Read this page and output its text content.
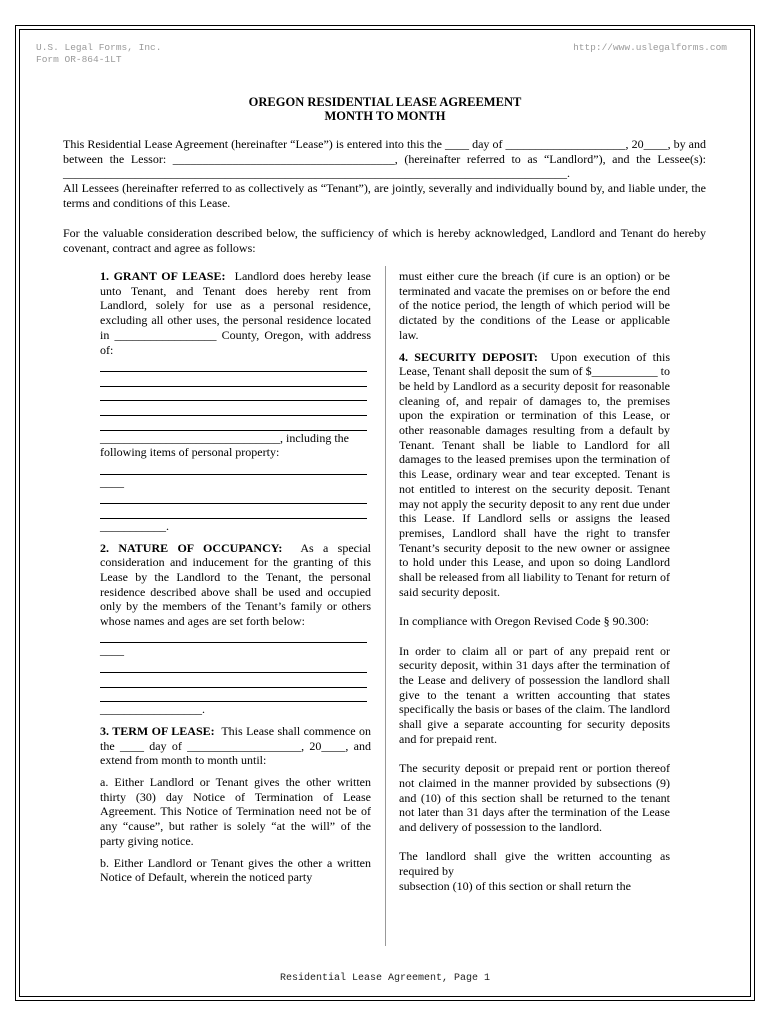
U.S. Legal Forms, Inc.
Form OR-864-1LT
http://www.uslegalforms.com
OREGON RESIDENTIAL LEASE AGREEMENT
MONTH TO MONTH
This Residential Lease Agreement (hereinafter “Lease”) is entered into this the ____ day of ____________________, 20____, by and between the Lessor: _____________________________________, (hereinafter referred to as “Landlord”), and the Lessee(s): ____________________________________________________________________________________.
All Lessees (hereinafter referred to as collectively as “Tenant”), are jointly, severally and individually bound by, and liable under, the terms and conditions of this Lease.
For the valuable consideration described below, the sufficiency of which is hereby acknowledged, Landlord and Tenant do hereby covenant, contract and agree as follows:

1. GRANT OF LEASE: Landlord does hereby lease unto Tenant, and Tenant does hereby rent from Landlord, solely for use as a personal residence, excluding all other uses, the personal residence located in _________________ County, Oregon, with address of:

______________________________, including the

following items of personal property:

____

___________.

2. NATURE OF OCCUPANCY: As a special consideration and inducement for the granting of this Lease by the Landlord to the Tenant, the personal residence described above shall be used and occupied only by the members of the Tenant’s family or others whose names and ages are set forth below:

____

_________________.

3. TERM OF LEASE: This Lease shall commence on the ____ day of ___________________, 20____, and extend from month to month until:

a. Either Landlord or Tenant gives the other written thirty (30) day Notice of Termination of Lease Agreement. This Notice of Termination need not be of any “cause”, but rather is solely “at the will” of the party giving notice.

b. Either Landlord or Tenant gives the other a written Notice of Default, wherein the noticed party

must either cure the breach (if cure is an option) or be terminated and vacate the premises on or before the end of the notice period, the length of which period will be dictated by the conditions of the Lease or applicable law.

4. SECURITY DEPOSIT: Upon execution of this Lease, Tenant shall deposit the sum of $___________ to be held by Landlord as a security deposit for reasonable cleaning of, and repair of damages to, the premises upon the expiration or termination of this Lease, or other reasonable damages resulting from a default by Tenant. Tenant shall be liable to Landlord for all damages to the leased premises upon the termination of this Lease, ordinary wear and tear excepted. Tenant is not entitled to interest on the security deposit. Tenant may not apply the security deposit to any rent due under this Lease. If Landlord sells or assigns the leased premises, Landlord shall have the right to transfer Tenant’s security deposit to the new owner or assignee to hold under this Lease, and upon so doing Landlord shall be released from all liability to Tenant for return of said security deposit.

In compliance with Oregon Revised Code § 90.300:

In order to claim all or part of any prepaid rent or security deposit, within 31 days after the termination of the Lease and delivery of possession the landlord shall give to the tenant a written accounting that states specifically the basis or bases of the claim. The landlord shall give a separate accounting for security deposits and for prepaid rent.

The security deposit or prepaid rent or portion thereof not claimed in the manner provided by subsections (9) and (10) of this section shall be returned to the tenant not later than 31 days after the termination of the Lease and delivery of possession to the landlord.

The landlord shall give the written accounting as required by

subsection (10) of this section or shall return the

Residential Lease Agreement, Page 1
